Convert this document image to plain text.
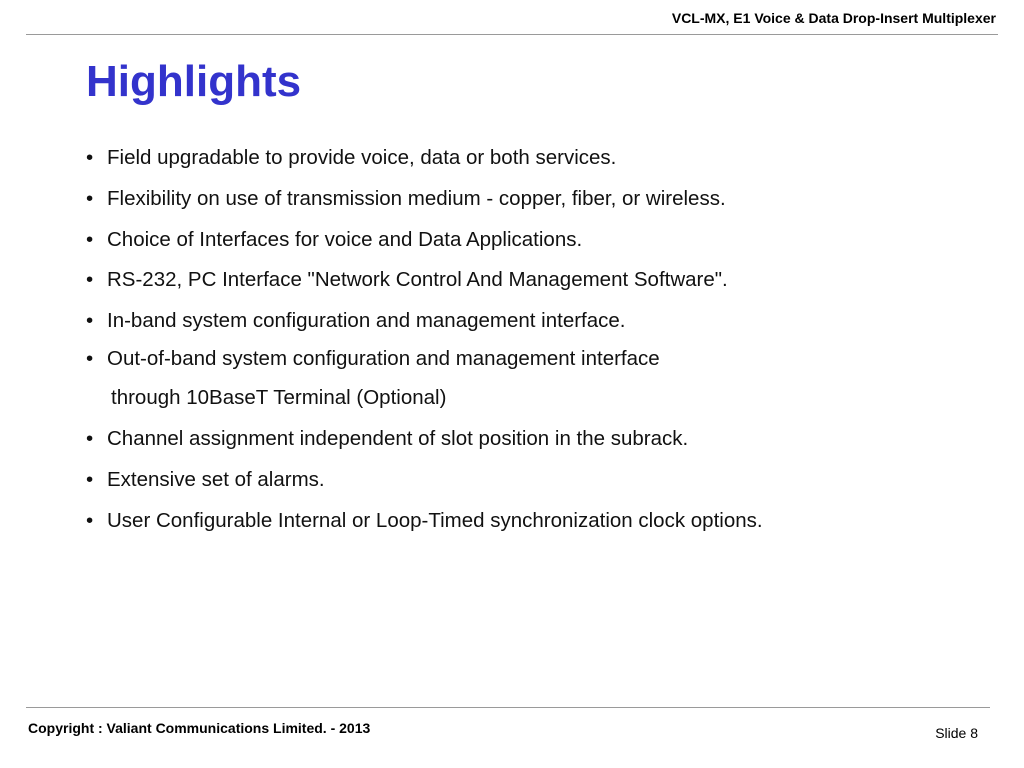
VCL-MX, E1 Voice & Data Drop-Insert Multiplexer
Highlights
• Field upgradable to provide voice, data or both services.
• Flexibility on use of transmission medium - copper, fiber, or wireless.
• Choice of Interfaces for voice and Data Applications.
• RS-232, PC Interface "Network Control And Management Software".
• In-band system configuration and management interface.
• Out-of-band system configuration and management interface
through 10BaseT Terminal (Optional)
• Channel assignment independent of slot position in the subrack.
• Extensive set of alarms.
• User Configurable Internal or Loop-Timed synchronization clock options.
Copyright : Valiant Communications Limited. - 2013	Slide 8
